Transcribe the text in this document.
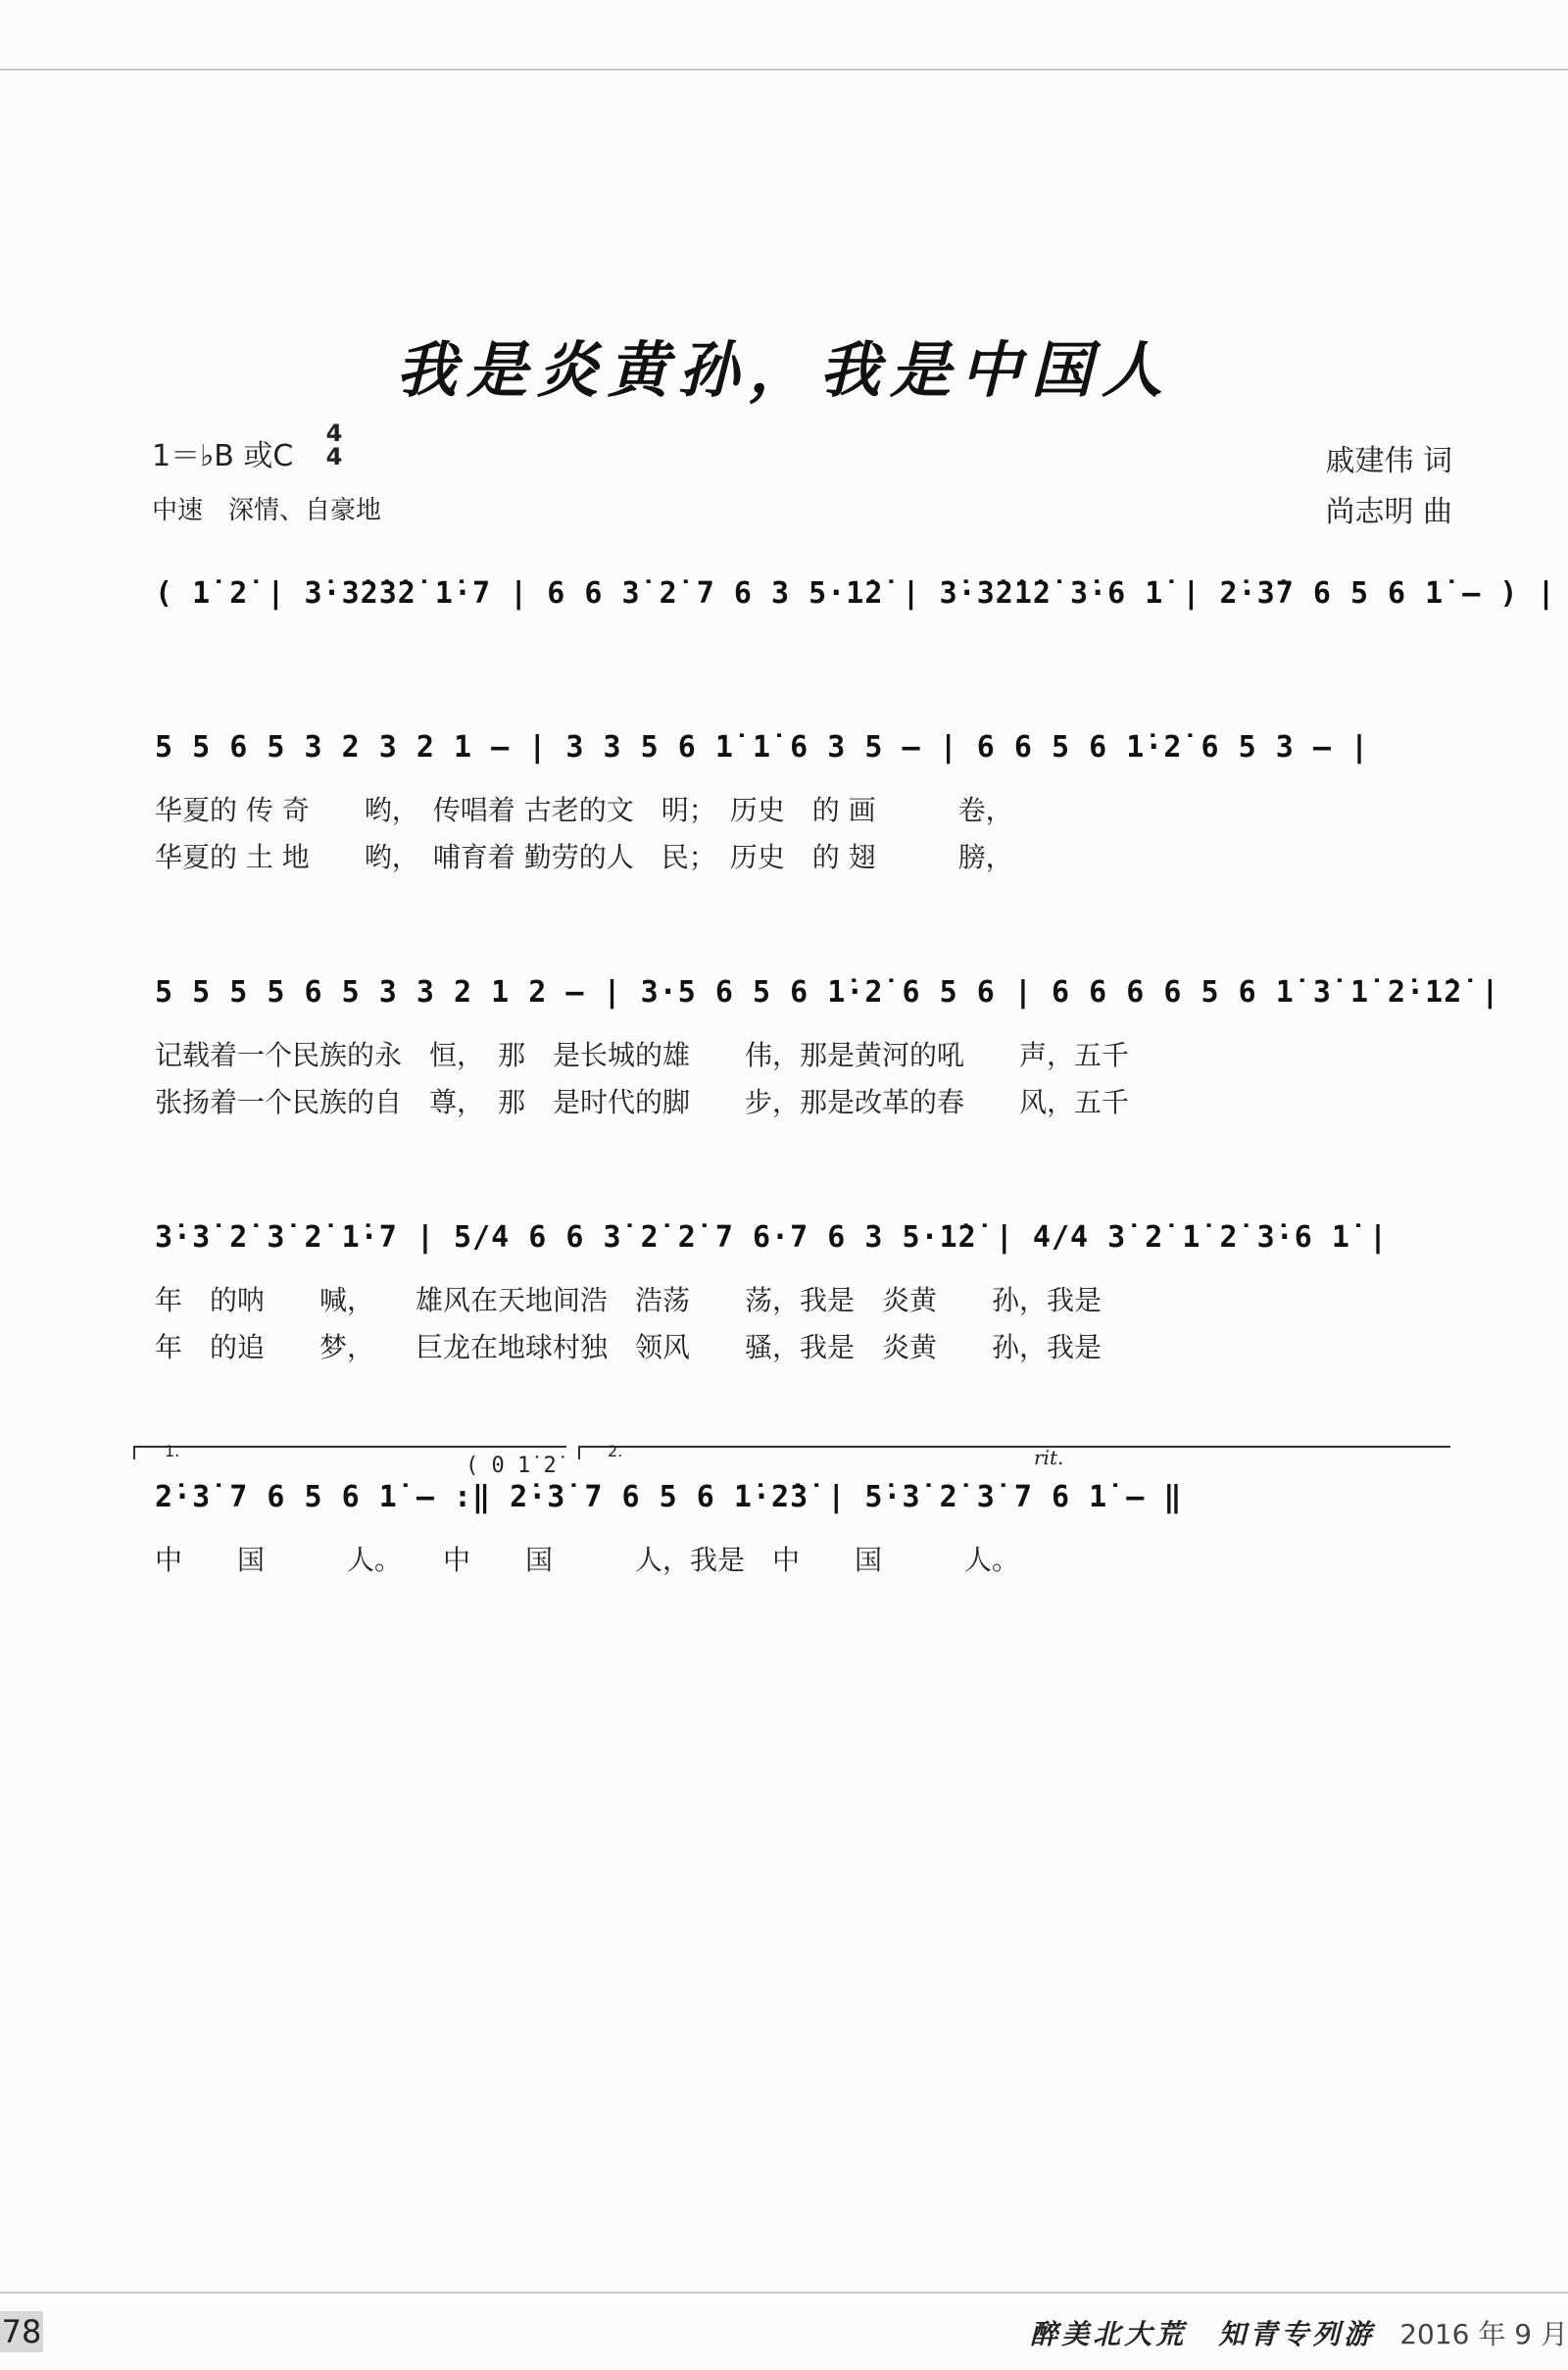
我是炎黄孙，我是中国人
1＝♭B 或C
4
4
中速　深情、自豪地
戚建伟 词
尚志明 曲
( 1̇ 2̇ | 3̇·3̇2̇3̇2̇ 1̇·7 | 6 6 3̇ 2̇ 7 6 3 5·1̇2̇ | 3̇·3̇2̇1̇2̇ 3̇·6 1̇ | 2̇·3̇7 6 5 6 1̇ – ) |
5 5 6 5 3 2 3 2 1 – | 3 3 5 6 1̇ 1̇ 6 3 5 – | 6 6 5 6 1̇·2̇ 6 5 3 – |
华夏的 传 奇　　哟，　传唱着 古老的文　明；　历史　的 画　　　卷，
华夏的 土 地　　哟，　哺育着 勤劳的人　民；　历史　的 翅　　　膀，
5 5 5 5 6 5 3 3 2 1 2 – | 3·5 6 5 6 1̇·2̇ 6 5 6 | 6 6 6 6 5 6 1̇ 3̇ 1̇ 2̇·1̇2̇ |
记载着一个民族的永　恒，　那　是长城的雄　　伟，那是黄河的吼　　声，五千
张扬着一个民族的自　尊，　那　是时代的脚　　步，那是改革的春　　风，五千
3̇·3̇ 2̇ 3̇ 2̇ 1̇·7 | 5/4 6 6 3̇ 2̇ 2̇ 7 6·7 6 3 5·1̇2̇ | 4/4 3̇ 2̇ 1̇ 2̇ 3̇·6 1̇ |
年　的呐　　喊，　　雄风在天地间浩　浩荡　　荡，我是　炎黄　　孙，我是
年　的追　　梦，　　巨龙在地球村独　领风　　骚，我是　炎黄　　孙，我是
1.
( 0 1̇ 2̇
2.	rit.
2̇·3̇ 7 6 5 6 1̇ – :‖ 2̇·3̇ 7 6 5 6 1̇·2̇3̇ | 5̇·3̇ 2̇ 3̇ 7 6 1̇ – ‖
中　　国　　　人。　　中　　国　　　人，我是　中　　国　　　人。
78	醉美北大荒　知青专列游 2016 年 9 月
